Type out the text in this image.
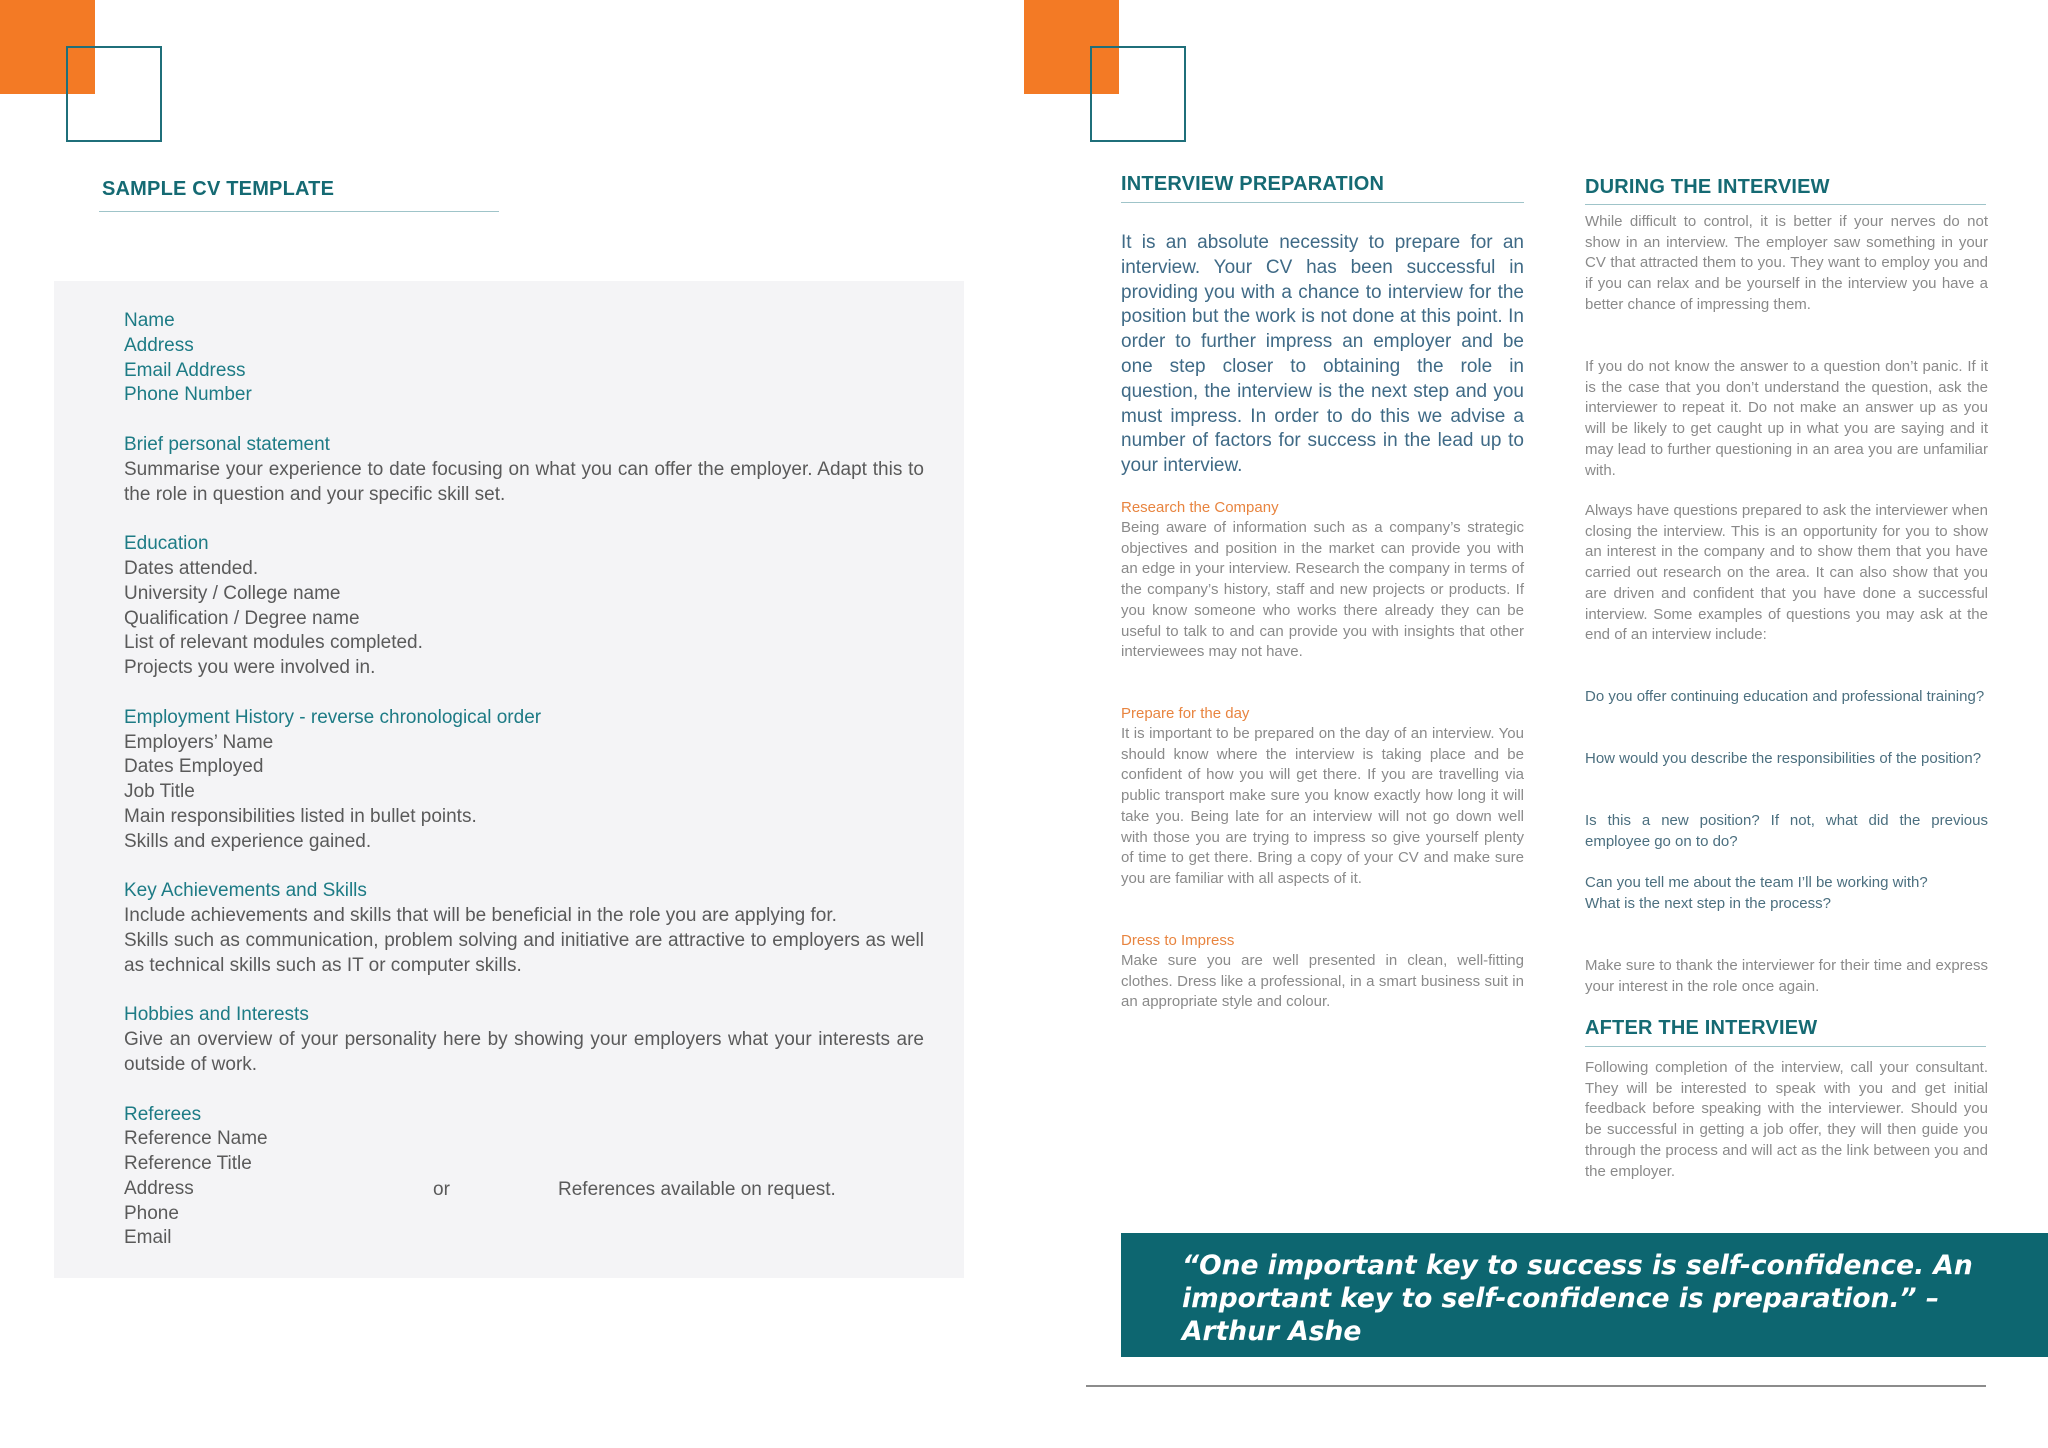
SAMPLE CV TEMPLATE
Name
Address
Email Address
Phone Number
Brief personal statement
Summarise your experience to date focusing on what you can offer the employer. Adapt this to the role in question and your specific skill set.
Education
Dates attended.
University / College name
Qualification / Degree name
List of relevant modules completed.
Projects you were involved in.
Employment History - reverse chronological order
Employers’ Name
Dates Employed
Job Title
Main responsibilities listed in bullet points.
Skills and experience gained.
Key Achievements and Skills
Include achievements and skills that will be beneficial in the role you are applying for.
Skills such as communication, problem solving and initiative are attractive to employers as well as technical skills such as IT or computer skills.
Hobbies and Interests
Give an overview of your personality here by showing your employers what your interests are outside of work.
Referees
Reference Name
Reference Title
Address
Phone
Email
or	References available on request.
INTERVIEW PREPARATION
It is an absolute necessity to prepare for an interview. Your CV has been successful in providing you with a chance to interview for the position but the work is not done at this point. In order to further impress an employer and be one step closer to obtaining the role in question, the interview is the next step and you must impress. In order to do this we advise a number of factors for success in the lead up to your interview.
Research the Company
Being aware of information such as a company’s strategic objectives and position in the market can provide you with an edge in your interview. Research the company in terms of the company’s history, staff and new projects or products. If you know someone who works there already they can be useful to talk to and can provide you with insights that other interviewees may not have.
Prepare for the day
It is important to be prepared on the day of an interview. You should know where the interview is taking place and be confident of how you will get there. If you are travelling via public transport make sure you know exactly how long it will take you. Being late for an interview will not go down well with those you are trying to impress so give yourself plenty of time to get there. Bring a copy of your CV and make sure you are familiar with all aspects of it.
Dress to Impress
Make sure you are well presented in clean, well-fitting clothes. Dress like a professional, in a smart business suit in an appropriate style and colour.
DURING THE INTERVIEW
While difficult to control, it is better if your nerves do not show in an interview. The employer saw something in your CV that attracted them to you. They want to employ you and if you can relax and be yourself in the interview you have a better chance of impressing them.
If you do not know the answer to a question don’t panic. If it is the case that you don’t understand the question, ask the interviewer to repeat it. Do not make an answer up as you will be likely to get caught up in what you are saying and it may lead to further questioning in an area you are unfamiliar with.
Always have questions prepared to ask the interviewer when closing the interview. This is an opportunity for you to show an interest in the company and to show them that you have carried out research on the area. It can also show that you are driven and confident that you have done a successful interview. Some examples of questions you may ask at the end of an interview include:
Do you offer continuing education and professional training?
How would you describe the responsibilities of the position?
Is this a new position? If not, what did the previous employee go on to do?
Can you tell me about the team I’ll be working with?
What is the next step in the process?
Make sure to thank the interviewer for their time and express your interest in the role once again.
AFTER THE INTERVIEW
Following completion of the interview, call your consultant. They will be interested to speak with you and get initial feedback before speaking with the interviewer. Should you be successful in getting a job offer, they will then guide you through the process and will act as the link between you and the employer.
“One important key to success is self-confidence. An important key to self-confidence is preparation.” –Arthur Ashe
